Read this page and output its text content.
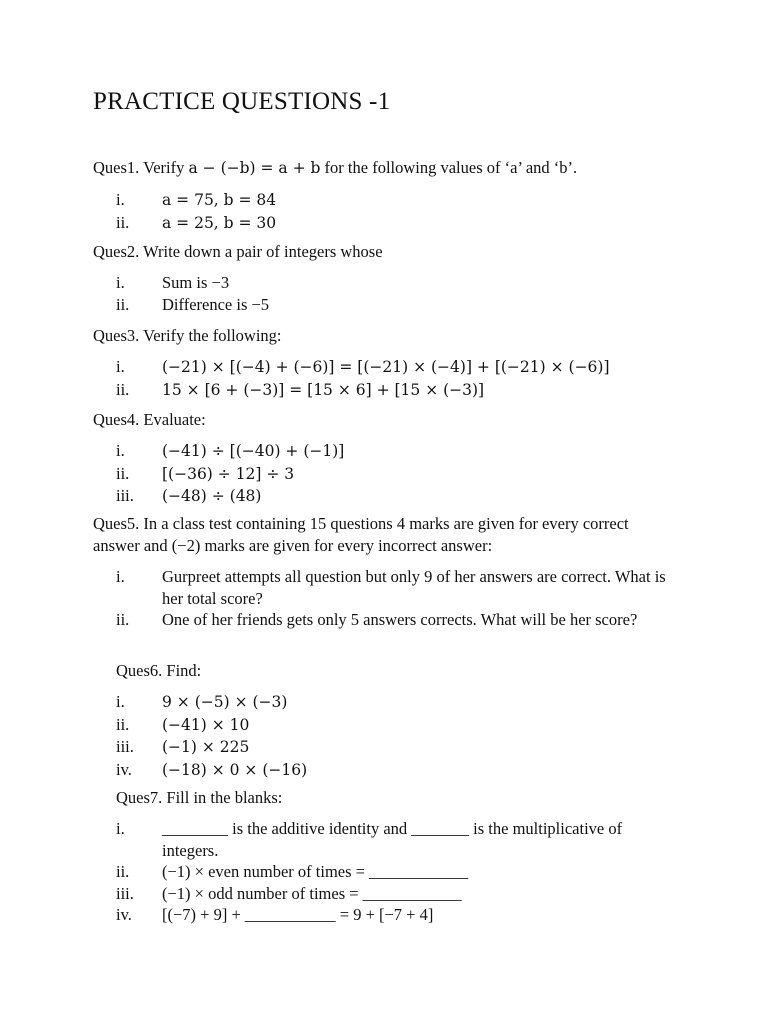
PRACTICE QUESTIONS -1
Ques1. Verify a − (−b) = a + b for the following values of ‘a’ and ‘b’.
i. a = 75, b = 84
ii. a = 25, b = 30
Ques2. Write down a pair of integers whose
i. Sum is −3
ii. Difference is −5
Ques3. Verify the following:
i. (−21) × [(−4) + (−6)] = [(−21) × (−4)] + [(−21) × (−6)]
ii. 15 × [6 + (−3)] = [15 × 6] + [15 × (−3)]
Ques4. Evaluate:
i. (−41) ÷ [(−40) + (−1)]
ii. [(−36) ÷ 12] ÷ 3
iii. (−48) ÷ (48)
Ques5. In a class test containing 15 questions 4 marks are given for every correct answer and (−2) marks are given for every incorrect answer:
i. Gurpreet attempts all question but only 9 of her answers are correct. What is her total score?
ii. One of her friends gets only 5 answers corrects. What will be her score?
Ques6. Find:
i. 9 × (−5) × (−3)
ii. (−41) × 10
iii. (−1) × 225
iv. (−18) × 0 × (−16)
Ques7. Fill in the blanks:
i. ________ is the additive identity and _______ is the multiplicative of integers.
ii. (−1) × even number of times = ____________
iii. (−1) × odd number of times = ____________
iv. [(−7) + 9] + ___________ = 9 + [−7 + 4]
